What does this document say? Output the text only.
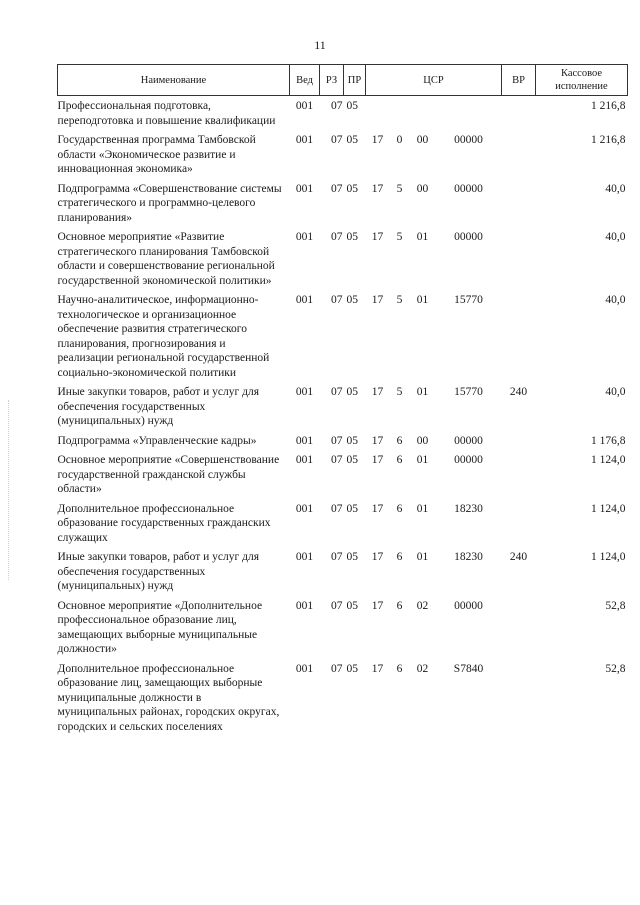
11
Наименование	Вед	РЗ	ПР	ЦСР				ВР	Кассовое исполнение
Профессиональная подготовка, переподготовка и повышение квалификации	001	07	05						1 216,8
Государственная программа Тамбовской области «Экономическое развитие и инновационная экономика»	001	07	05	17	0	00	00000		1 216,8
Подпрограмма «Совершенствование системы стратегического и программно-целевого планирования»	001	07	05	17	5	00	00000		40,0
Основное мероприятие «Развитие стратегического планирования Тамбовской области и совершенствование региональной государственной экономической политики»	001	07	05	17	5	01	00000		40,0
Научно-аналитическое, информационно-технологическое и организационное обеспечение развития стратегического планирования, прогнозирования и реализации региональной государственной социально-экономической политики	001	07	05	17	5	01	15770		40,0
Иные закупки товаров, работ и услуг для обеспечения государственных (муниципальных) нужд	001	07	05	17	5	01	15770	240	40,0
Подпрограмма «Управленческие кадры»	001	07	05	17	6	00	00000		1 176,8
Основное мероприятие «Совершенствование государственной гражданской службы области»	001	07	05	17	6	01	00000		1 124,0
Дополнительное профессиональное образование государственных гражданских служащих	001	07	05	17	6	01	18230		1 124,0
Иные закупки товаров, работ и услуг для обеспечения государственных (муниципальных) нужд	001	07	05	17	6	01	18230	240	1 124,0
Основное мероприятие «Дополнительное профессиональное образование лиц, замещающих выборные муниципальные должности»	001	07	05	17	6	02	00000		52,8
Дополнительное профессиональное образование лиц, замещающих выборные муниципальные должности в муниципальных районах, городских округах, городских и сельских поселениях	001	07	05	17	6	02	S7840		52,8
